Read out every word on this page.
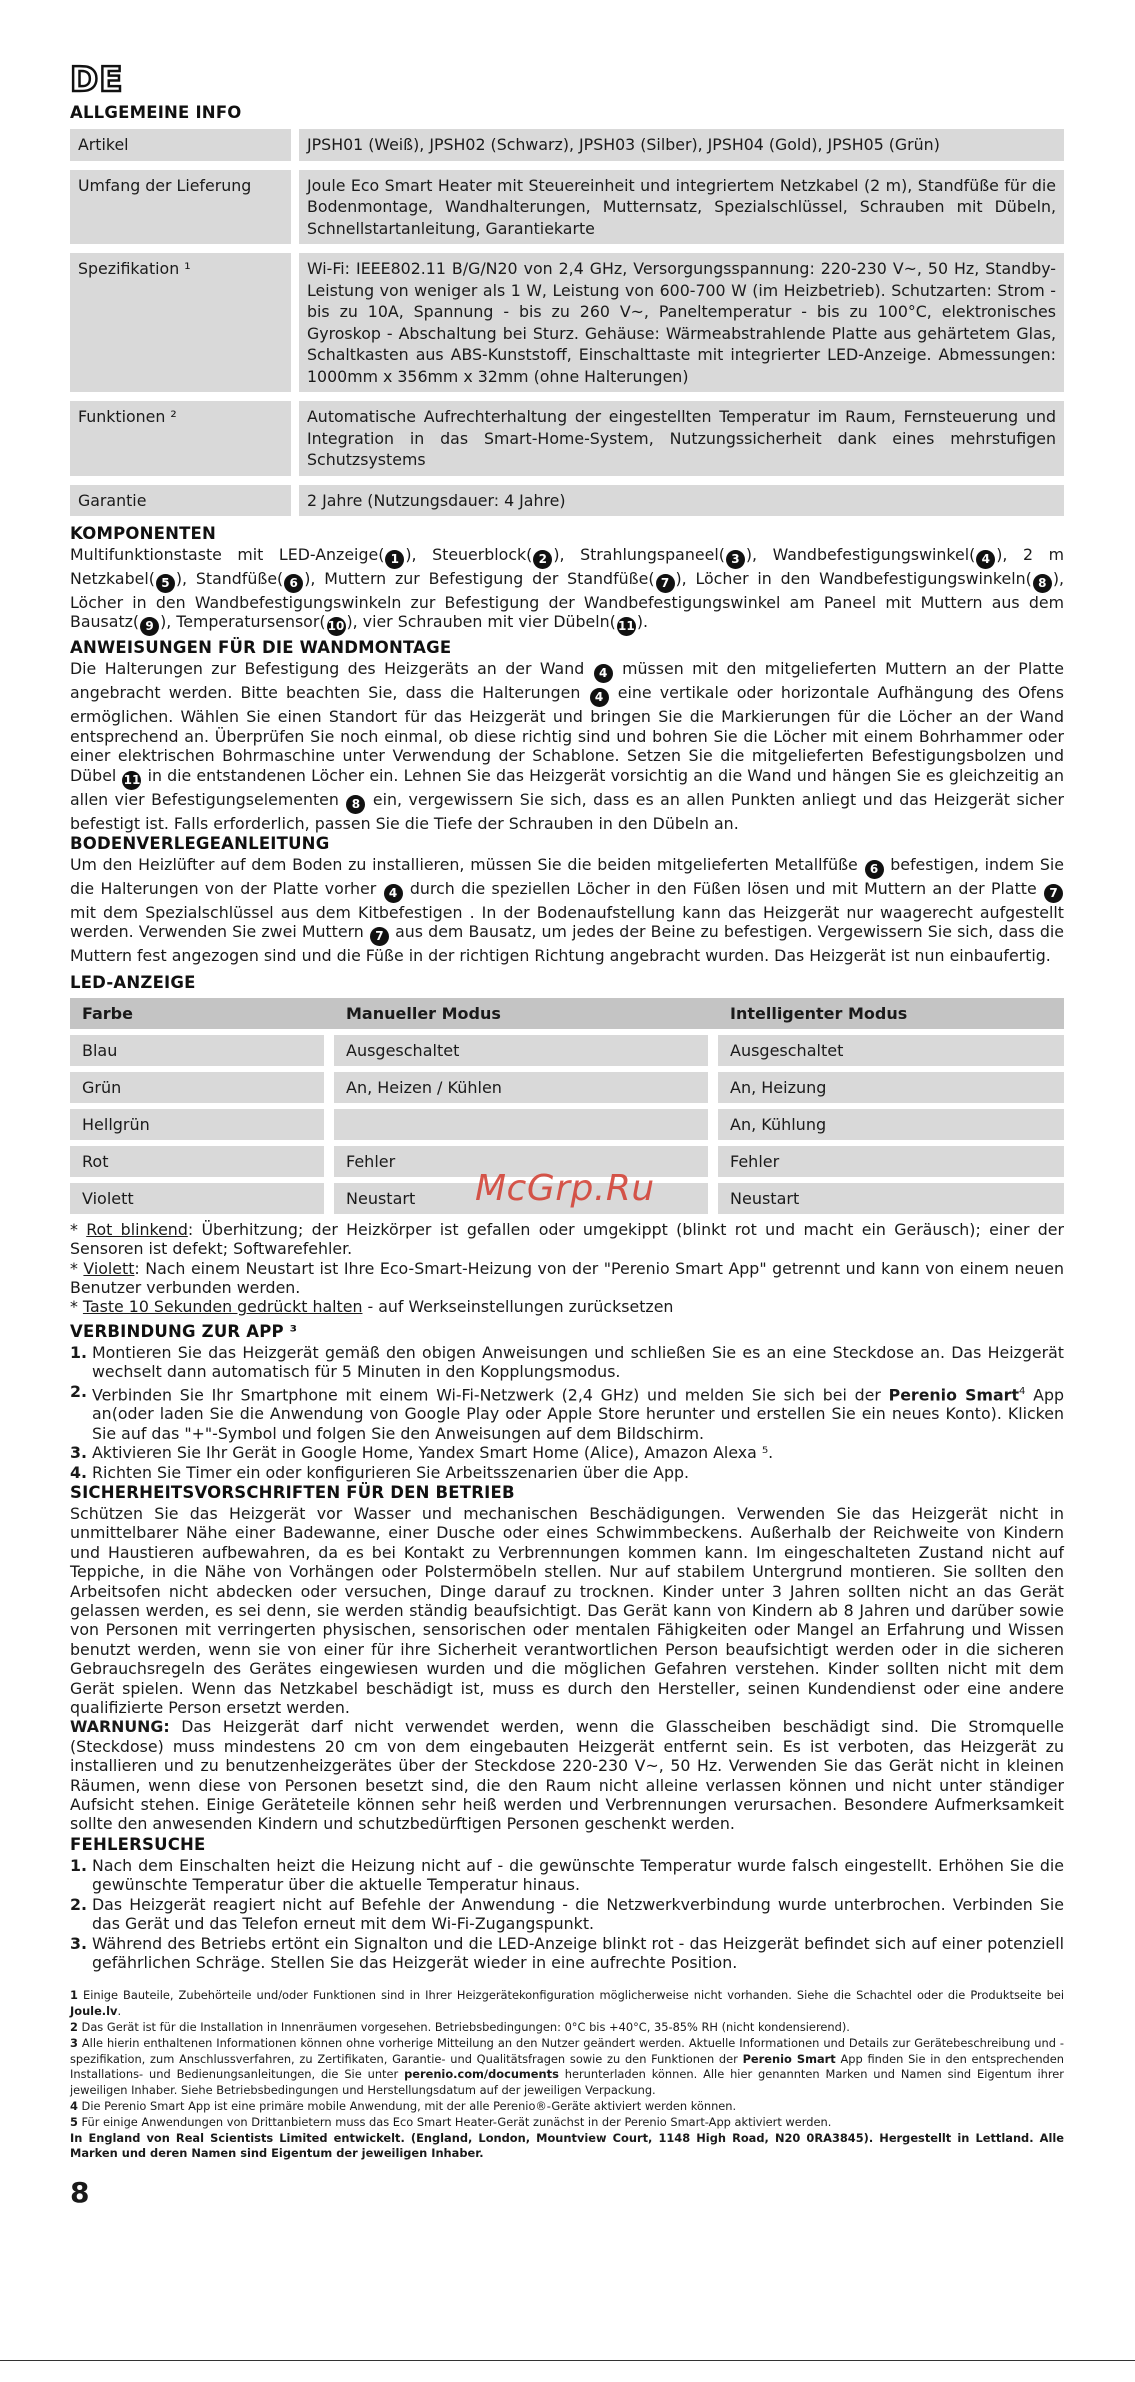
DE
ALLGEMEINE INFO
Artikel		JPSH01 (Weiß), JPSH02 (Schwarz), JPSH03 (Silber), JPSH04 (Gold), JPSH05 (Grün)
Umfang der Lieferung		Joule Eco Smart Heater mit Steuereinheit und integriertem Netzkabel (2 m), Standfüße für die Bodenmontage, Wandhalterungen, Mutternsatz, Spezialschlüssel, Schrauben mit Dübeln, Schnellstartanleitung, Garantiekarte
Spezifikation ¹		Wi-Fi: IEEE802.11 B/G/N20 von 2,4 GHz, Versorgungsspannung: 220-230 V~, 50 Hz, Standby-Leistung von weniger als 1 W, Leistung von 600-700 W (im Heizbetrieb). Schutzarten: Strom - bis zu 10A, Spannung - bis zu 260 V~, Paneltemperatur - bis zu 100°C, elektronisches Gyroskop - Abschaltung bei Sturz. Gehäuse: Wärmeabstrahlende Platte aus gehärtetem Glas, Schaltkasten aus ABS-Kunststoff, Einschalttaste mit integrierter LED-Anzeige. Abmessungen: 1000mm x 356mm x 32mm (ohne Halterungen)
Funktionen ²		Automatische Aufrechterhaltung der eingestellten Temperatur im Raum, Fernsteuerung und Integration in das Smart-Home-System, Nutzungssicherheit dank eines mehrstufigen Schutzsystems
Garantie		2 Jahre (Nutzungsdauer: 4 Jahre)
KOMPONENTEN

Multifunktionstaste mit LED-Anzeige( 1 ), Steuerblock( 2 ), Strahlungspaneel( 3 ), Wandbefestigungswinkel( 4 ), 2 m Netzkabel( 5 ), Standfüße( 6 ), Muttern zur Befestigung der Standfüße( 7 ), Löcher in den Wandbefestigungswinkeln( 8 ), Löcher in den Wandbefestigungswinkeln zur Befestigung der Wandbefestigungswinkel am Paneel mit Muttern aus dem Bausatz( 9 ), Temperatursensor( 10 ), vier Schrauben mit vier Dübeln( 11 ).

ANWEISUNGEN FÜR DIE WANDMONTAGE

Die Halterungen zur Befestigung des Heizgeräts an der Wand 4 müssen mit den mitgelieferten Muttern an der Platte angebracht werden. Bitte beachten Sie, dass die Halterungen 4 eine vertikale oder horizontale Aufhängung des Ofens ermöglichen. Wählen Sie einen Standort für das Heizgerät und bringen Sie die Markierungen für die Löcher an der Wand entsprechend an. Überprüfen Sie noch einmal, ob diese richtig sind und bohren Sie die Löcher mit einem Bohrhammer oder einer elektrischen Bohrmaschine unter Verwendung der Schablone. Setzen Sie die mitgelieferten Befestigungsbolzen und Dübel 11 in die entstandenen Löcher ein. Lehnen Sie das Heizgerät vorsichtig an die Wand und hängen Sie es gleichzeitig an allen vier Befestigungselementen 8 ein, vergewissern Sie sich, dass es an allen Punkten anliegt und das Heizgerät sicher befestigt ist. Falls erforderlich, passen Sie die Tiefe der Schrauben in den Dübeln an.

BODENVERLEGEANLEITUNG

Um den Heizlüfter auf dem Boden zu installieren, müssen Sie die beiden mitgelieferten Metallfüße 6 befestigen, indem Sie die Halterungen von der Platte vorher 4 durch die speziellen Löcher in den Füßen lösen und mit Muttern an der Platte 7 mit dem Spezialschlüssel aus dem Kitbefestigen . In der Bodenaufstellung kann das Heizgerät nur waagerecht aufgestellt werden. Verwenden Sie zwei Muttern 7 aus dem Bausatz, um jedes der Beine zu befestigen. Vergewissern Sie sich, dass die Muttern fest angezogen sind und die Füße in der richtigen Richtung angebracht wurden. Das Heizgerät ist nun einbaufertig.

LED-ANZEIGE
Farbe		Manueller Modus		Intelligenter Modus
Blau		Ausgeschaltet		Ausgeschaltet
Grün		An, Heizen / Kühlen		An, Heizung
Hellgrün				An, Kühlung
Rot		Fehler		Fehler
Violett		Neustart		Neustart

* Rot blinkend: Überhitzung; der Heizkörper ist gefallen oder umgekippt (blinkt rot und macht ein Geräusch); einer der Sensoren ist defekt; Softwarefehler.

* Violett: Nach einem Neustart ist Ihre Eco-Smart-Heizung von der "Perenio Smart App" getrennt und kann von einem neuen Benutzer verbunden werden.

* Taste 10 Sekunden gedrückt halten - auf Werkseinstellungen zurücksetzen

VERBINDUNG ZUR APP ³
1. Montieren Sie das Heizgerät gemäß den obigen Anweisungen und schließen Sie es an eine Steckdose an. Das Heizgerät wechselt dann automatisch für 5 Minuten in den Kopplungsmodus.
2. Verbinden Sie Ihr Smartphone mit einem Wi-Fi-Netzwerk (2,4 GHz) und melden Sie sich bei der Perenio Smart$^4$ App an(oder laden Sie die Anwendung von Google Play oder Apple Store herunter und erstellen Sie ein neues Konto). Klicken Sie auf das "+"-Symbol und folgen Sie den Anweisungen auf dem Bildschirm.
3. Aktivieren Sie Ihr Gerät in Google Home, Yandex Smart Home (Alice), Amazon Alexa ⁵.
4. Richten Sie Timer ein oder konfigurieren Sie Arbeitsszenarien über die App.
SICHERHEITSVORSCHRIFTEN FÜR DEN BETRIEB

Schützen Sie das Heizgerät vor Wasser und mechanischen Beschädigungen. Verwenden Sie das Heizgerät nicht in unmittelbarer Nähe einer Badewanne, einer Dusche oder eines Schwimmbeckens. Außerhalb der Reichweite von Kindern und Haustieren aufbewahren, da es bei Kontakt zu Verbrennungen kommen kann. Im eingeschalteten Zustand nicht auf Teppiche, in die Nähe von Vorhängen oder Polstermöbeln stellen. Nur auf stabilem Untergrund montieren. Sie sollten den Arbeitsofen nicht abdecken oder versuchen, Dinge darauf zu trocknen. Kinder unter 3 Jahren sollten nicht an das Gerät gelassen werden, es sei denn, sie werden ständig beaufsichtigt. Das Gerät kann von Kindern ab 8 Jahren und darüber sowie von Personen mit verringerten physischen, sensorischen oder mentalen Fähigkeiten oder Mangel an Erfahrung und Wissen benutzt werden, wenn sie von einer für ihre Sicherheit verantwortlichen Person beaufsichtigt werden oder in die sicheren Gebrauchsregeln des Gerätes eingewiesen wurden und die möglichen Gefahren verstehen. Kinder sollten nicht mit dem Gerät spielen. Wenn das Netzkabel beschädigt ist, muss es durch den Hersteller, seinen Kundendienst oder eine andere qualifizierte Person ersetzt werden.

WARNUNG: Das Heizgerät darf nicht verwendet werden, wenn die Glasscheiben beschädigt sind. Die Stromquelle (Steckdose) muss mindestens 20 cm von dem eingebauten Heizgerät entfernt sein. Es ist verboten, das Heizgerät zu installieren und zu benutzenheizgerätes über der Steckdose 220-230 V~, 50 Hz. Verwenden Sie das Gerät nicht in kleinen Räumen, wenn diese von Personen besetzt sind, die den Raum nicht alleine verlassen können und nicht unter ständiger Aufsicht stehen. Einige Geräteteile können sehr heiß werden und Verbrennungen verursachen. Besondere Aufmerksamkeit sollte den anwesenden Kindern und schutzbedürftigen Personen geschenkt werden.

FEHLERSUCHE
1. Nach dem Einschalten heizt die Heizung nicht auf - die gewünschte Temperatur wurde falsch eingestellt. Erhöhen Sie die gewünschte Temperatur über die aktuelle Temperatur hinaus.
2. Das Heizgerät reagiert nicht auf Befehle der Anwendung - die Netzwerkverbindung wurde unterbrochen. Verbinden Sie das Gerät und das Telefon erneut mit dem Wi-Fi-Zugangspunkt.
3. Während des Betriebs ertönt ein Signalton und die LED-Anzeige blinkt rot - das Heizgerät befindet sich auf einer potenziell gefährlichen Schräge. Stellen Sie das Heizgerät wieder in eine aufrechte Position.

1 Einige Bauteile, Zubehörteile und/oder Funktionen sind in Ihrer Heizgerätekonfiguration möglicherweise nicht vorhanden. Siehe die Schachtel oder die Produktseite bei Joule.lv.

2 Das Gerät ist für die Installation in Innenräumen vorgesehen. Betriebsbedingungen: 0°C bis +40°C, 35-85% RH (nicht kondensierend).

3 Alle hierin enthaltenen Informationen können ohne vorherige Mitteilung an den Nutzer geändert werden. Aktuelle Informationen und Details zur Gerätebeschreibung und -spezifikation, zum Anschlussverfahren, zu Zertifikaten, Garantie- und Qualitätsfragen sowie zu den Funktionen der Perenio Smart App finden Sie in den entsprechenden Installations- und Bedienungsanleitungen, die Sie unter perenio.com/documents herunterladen können. Alle hier genannten Marken und Namen sind Eigentum ihrer jeweiligen Inhaber. Siehe Betriebsbedingungen und Herstellungsdatum auf der jeweiligen Verpackung.

4 Die Perenio Smart App ist eine primäre mobile Anwendung, mit der alle Perenio®-Geräte aktiviert werden können.

5 Für einige Anwendungen von Drittanbietern muss das Eco Smart Heater-Gerät zunächst in der Perenio Smart-App aktiviert werden.

In England von Real Scientists Limited entwickelt. (England, London, Mountview Court, 1148 High Road, N20 0RA3845). Hergestellt in Lettland. Alle Marken und deren Namen sind Eigentum der jeweiligen Inhaber.

8
McGrp.Ru
